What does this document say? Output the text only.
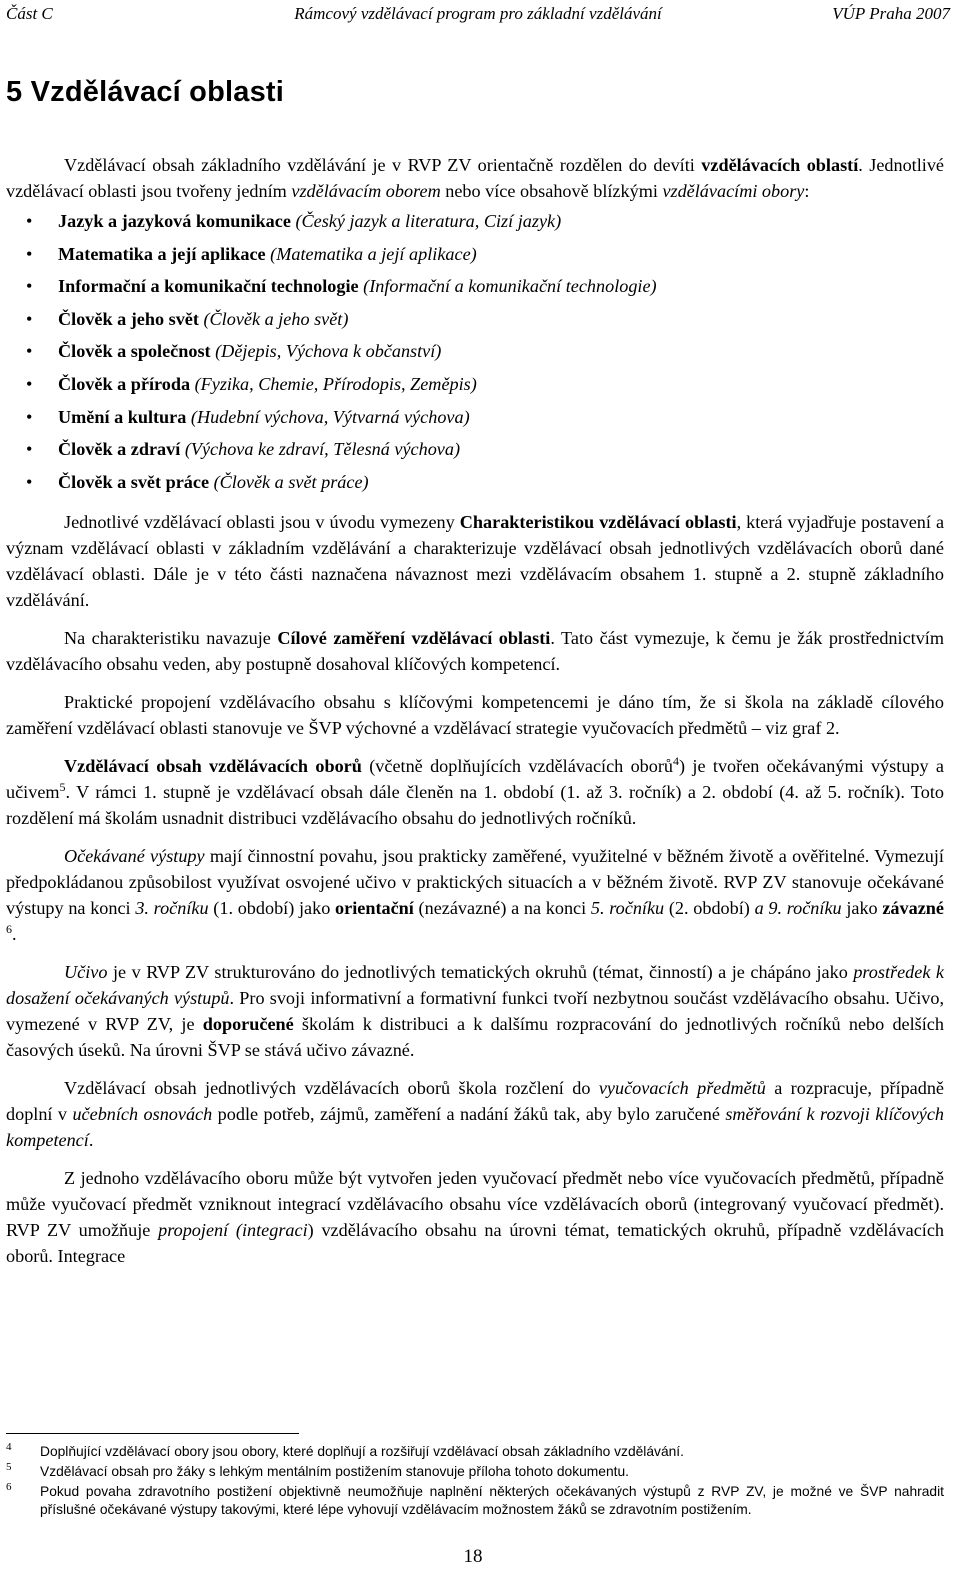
Část C	Rámcový vzdělávací program pro základní vzdělávání	VÚP Praha 2007
5 Vzdělávací oblasti

Vzdělávací obsah základního vzdělávání je v RVP ZV orientačně rozdělen do devíti vzdělávacích oblastí. Jednotlivé vzdělávací oblasti jsou tvořeny jedním vzdělávacím oborem nebo více obsahově blízkými vzdělávacími obory:

• Jazyk a jazyková komunikace (Český jazyk a literatura, Cizí jazyk)
• Matematika a její aplikace (Matematika a její aplikace)
• Informační a komunikační technologie (Informační a komunikační technologie)
• Člověk a jeho svět (Člověk a jeho svět)
• Člověk a společnost (Dějepis, Výchova k občanství)
• Člověk a příroda (Fyzika, Chemie, Přírodopis, Zeměpis)
• Umění a kultura (Hudební výchova, Výtvarná výchova)
• Člověk a zdraví (Výchova ke zdraví, Tělesná výchova)
• Člověk a svět práce (Člověk a svět práce)

Jednotlivé vzdělávací oblasti jsou v úvodu vymezeny Charakteristikou vzdělávací oblasti, která vyjadřuje postavení a význam vzdělávací oblasti v základním vzdělávání a charakterizuje vzdělávací obsah jednotlivých vzdělávacích oborů dané vzdělávací oblasti. Dále je v této části naznačena návaznost mezi vzdělávacím obsahem 1. stupně a 2. stupně základního vzdělávání.

Na charakteristiku navazuje Cílové zaměření vzdělávací oblasti. Tato část vymezuje, k čemu je žák prostřednictvím vzdělávacího obsahu veden, aby postupně dosahoval klíčových kompetencí.

Praktické propojení vzdělávacího obsahu s klíčovými kompetencemi je dáno tím, že si škola na základě cílového zaměření vzdělávací oblasti stanovuje ve ŠVP výchovné a vzdělávací strategie vyučovacích předmětů – viz graf 2.

Vzdělávací obsah vzdělávacích oborů (včetně doplňujících vzdělávacích oborů$^4$) je tvořen očekávanými výstupy a učivem$^5$. V rámci 1. stupně je vzdělávací obsah dále členěn na 1. období (1. až 3. ročník) a 2. období (4. až 5. ročník). Toto rozdělení má školám usnadnit distribuci vzdělávacího obsahu do jednotlivých ročníků.

Očekávané výstupy mají činnostní povahu, jsou prakticky zaměřené, využitelné v běžném životě a ověřitelné. Vymezují předpokládanou způsobilost využívat osvojené učivo v praktických situacích a v běžném životě. RVP ZV stanovuje očekávané výstupy na konci 3. ročníku (1. období) jako orientační (nezávazné) a na konci 5. ročníku (2. období) a 9. ročníku jako závazné $^6$.

Učivo je v RVP ZV strukturováno do jednotlivých tematických okruhů (témat, činností) a je chápáno jako prostředek k dosažení očekávaných výstupů. Pro svoji informativní a formativní funkci tvoří nezbytnou součást vzdělávacího obsahu. Učivo, vymezené v RVP ZV, je doporučené školám k distribuci a k dalšímu rozpracování do jednotlivých ročníků nebo delších časových úseků. Na úrovni ŠVP se stává učivo závazné.

Vzdělávací obsah jednotlivých vzdělávacích oborů škola rozčlení do vyučovacích předmětů a rozpracuje, případně doplní v učebních osnovách podle potřeb, zájmů, zaměření a nadání žáků tak, aby bylo zaručené směřování k rozvoji klíčových kompetencí.

Z jednoho vzdělávacího oboru může být vytvořen jeden vyučovací předmět nebo více vyučovacích předmětů, případně může vyučovací předmět vzniknout integrací vzdělávacího obsahu více vzdělávacích oborů (integrovaný vyučovací předmět). RVP ZV umožňuje propojení (integraci) vzdělávacího obsahu na úrovni témat, tematických okruhů, případně vzdělávacích oborů. Integrace

4 Doplňující vzdělávací obory jsou obory, které doplňují a rozšiřují vzdělávací obsah základního vzdělávání.
5 Vzdělávací obsah pro žáky s lehkým mentálním postižením stanovuje příloha tohoto dokumentu.
6 Pokud povaha zdravotního postižení objektivně neumožňuje naplnění některých očekávaných výstupů z RVP ZV, je možné ve ŠVP nahradit příslušné očekávané výstupy takovými, které lépe vyhovují vzdělávacím možnostem žáků se zdravotním postižením.
18
